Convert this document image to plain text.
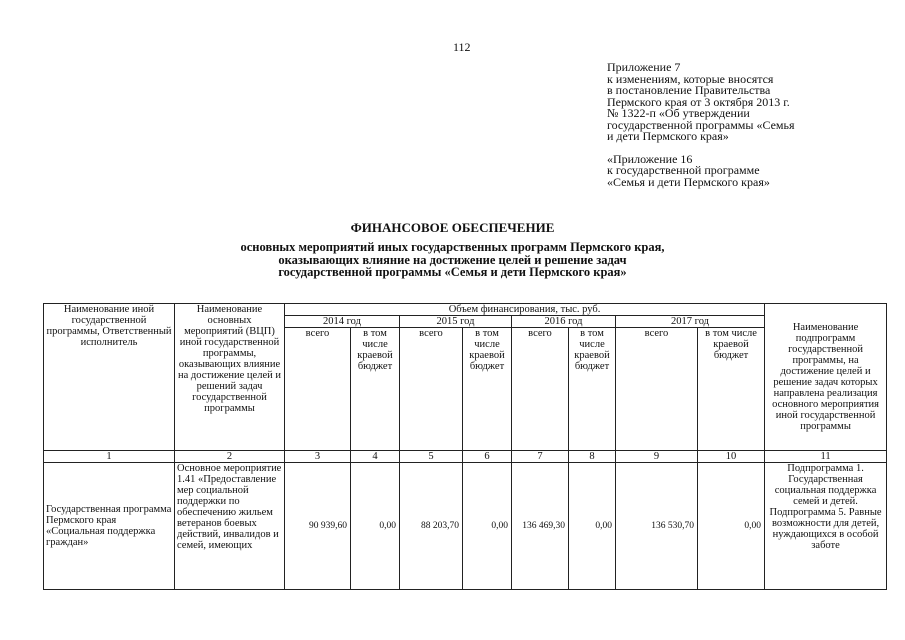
112
Приложение 7
к изменениям, которые вносятся
в постановление Правительства
Пермского края от 3 октября 2013 г.
№ 1322-п «Об утверждении
государственной программы «Семья
и дети Пермского края»
«Приложение 16
к государственной программе
«Семья и дети Пермского края»
ФИНАНСОВОЕ ОБЕСПЕЧЕНИЕ
основных мероприятий иных государственных программ Пермского края,
оказывающих влияние на достижение целей и решение задач
государственной программы «Семья и дети Пермского края»
Наименование иной государственной программы, Ответственный исполнитель	Наименование основных мероприятий (ВЦП) иной государственной программы, оказывающих влияние на достижение целей и решений задач государственной программы	Объем финансирования, тыс. руб.								Наименование подпрограмм государственной программы, на достижение целей и решение задач которых направлена реализация основного мероприятия иной государственной программы
		2014 год		2015 год		2016 год		2017 год		
		всего	в том числе краевой бюджет	всего	в том числе краевой бюджет	всего	в том числе краевой бюджет	всего	в том числе краевой бюджет	
1	2	3	4	5	6	7	8	9	10	11
Государственная программа Пермского края «Социальная поддержка граждан»	Основное мероприятие 1.41 «Предоставление мер социальной поддержки по обеспечению жильем ветеранов боевых действий, инвалидов и семей, имеющих	90 939,60	0,00	88 203,70	0,00	136 469,30	0,00	136 530,70	0,00	Подпрограмма 1. Государственная социальная поддержка семей и детей. Подпрограмма 5. Равные возможности для детей, нуждающихся в особой заботе
